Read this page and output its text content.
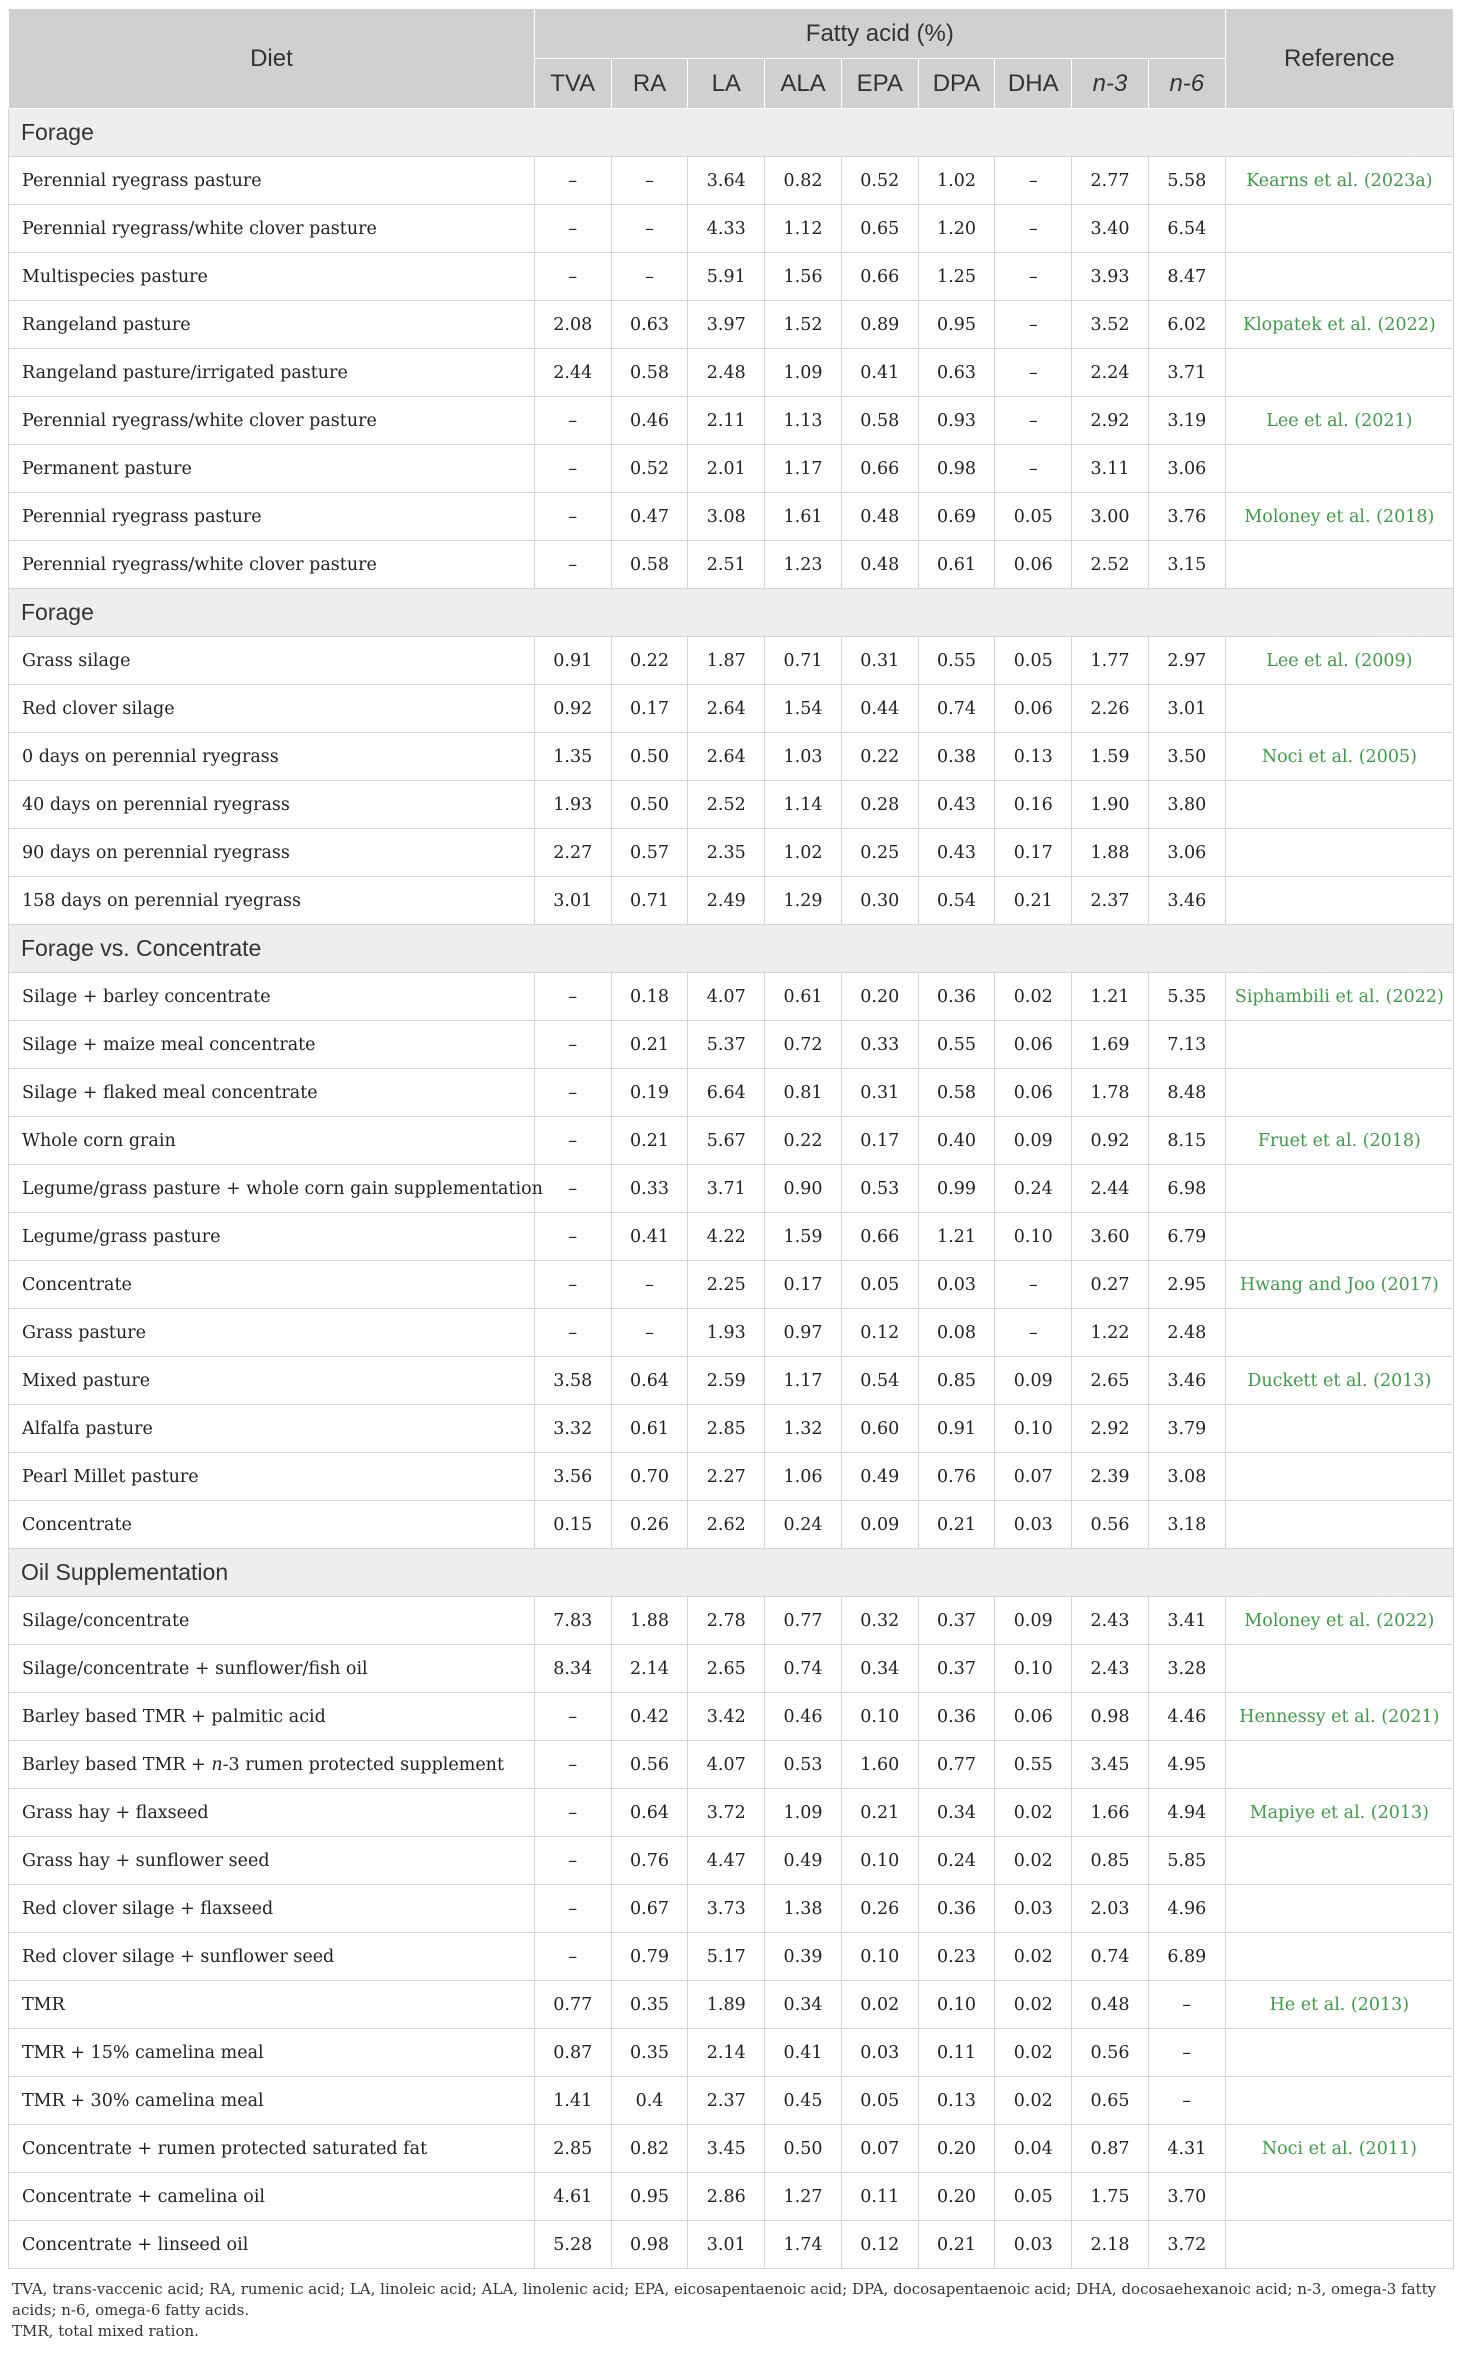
Diet	Fatty acid (%)									Reference
	TVA	RA	LA	ALA	EPA	DPA	DHA	n-3	n-6	
Forage										
Perennial ryegrass pasture	–	–	3.64	0.82	0.52	1.02	–	2.77	5.58	Kearns et al. (2023a)
Perennial ryegrass/white clover pasture	–	–	4.33	1.12	0.65	1.20	–	3.40	6.54	
Multispecies pasture	–	–	5.91	1.56	0.66	1.25	–	3.93	8.47	
Rangeland pasture	2.08	0.63	3.97	1.52	0.89	0.95	–	3.52	6.02	Klopatek et al. (2022)
Rangeland pasture/irrigated pasture	2.44	0.58	2.48	1.09	0.41	0.63	–	2.24	3.71	
Perennial ryegrass/white clover pasture	–	0.46	2.11	1.13	0.58	0.93	–	2.92	3.19	Lee et al. (2021)
Permanent pasture	–	0.52	2.01	1.17	0.66	0.98	–	3.11	3.06	
Perennial ryegrass pasture	–	0.47	3.08	1.61	0.48	0.69	0.05	3.00	3.76	Moloney et al. (2018)
Perennial ryegrass/white clover pasture	–	0.58	2.51	1.23	0.48	0.61	0.06	2.52	3.15	
Forage										
Grass silage	0.91	0.22	1.87	0.71	0.31	0.55	0.05	1.77	2.97	Lee et al. (2009)
Red clover silage	0.92	0.17	2.64	1.54	0.44	0.74	0.06	2.26	3.01	
0 days on perennial ryegrass	1.35	0.50	2.64	1.03	0.22	0.38	0.13	1.59	3.50	Noci et al. (2005)
40 days on perennial ryegrass	1.93	0.50	2.52	1.14	0.28	0.43	0.16	1.90	3.80	
90 days on perennial ryegrass	2.27	0.57	2.35	1.02	0.25	0.43	0.17	1.88	3.06	
158 days on perennial ryegrass	3.01	0.71	2.49	1.29	0.30	0.54	0.21	2.37	3.46	
Forage vs. Concentrate										
Silage + barley concentrate	–	0.18	4.07	0.61	0.20	0.36	0.02	1.21	5.35	Siphambili et al. (2022)
Silage + maize meal concentrate	–	0.21	5.37	0.72	0.33	0.55	0.06	1.69	7.13	
Silage + flaked meal concentrate	–	0.19	6.64	0.81	0.31	0.58	0.06	1.78	8.48	
Whole corn grain	–	0.21	5.67	0.22	0.17	0.40	0.09	0.92	8.15	Fruet et al. (2018)
Legume/grass pasture + whole corn gain supplementation	–	0.33	3.71	0.90	0.53	0.99	0.24	2.44	6.98	
Legume/grass pasture	–	0.41	4.22	1.59	0.66	1.21	0.10	3.60	6.79	
Concentrate	–	–	2.25	0.17	0.05	0.03	–	0.27	2.95	Hwang and Joo (2017)
Grass pasture	–	–	1.93	0.97	0.12	0.08	–	1.22	2.48	
Mixed pasture	3.58	0.64	2.59	1.17	0.54	0.85	0.09	2.65	3.46	Duckett et al. (2013)
Alfalfa pasture	3.32	0.61	2.85	1.32	0.60	0.91	0.10	2.92	3.79	
Pearl Millet pasture	3.56	0.70	2.27	1.06	0.49	0.76	0.07	2.39	3.08	
Concentrate	0.15	0.26	2.62	0.24	0.09	0.21	0.03	0.56	3.18	
Oil Supplementation										
Silage/concentrate	7.83	1.88	2.78	0.77	0.32	0.37	0.09	2.43	3.41	Moloney et al. (2022)
Silage/concentrate + sunflower/fish oil	8.34	2.14	2.65	0.74	0.34	0.37	0.10	2.43	3.28	
Barley based TMR + palmitic acid	–	0.42	3.42	0.46	0.10	0.36	0.06	0.98	4.46	Hennessy et al. (2021)
Barley based TMR + n-3 rumen protected supplement	–	0.56	4.07	0.53	1.60	0.77	0.55	3.45	4.95	
Grass hay + flaxseed	–	0.64	3.72	1.09	0.21	0.34	0.02	1.66	4.94	Mapiye et al. (2013)
Grass hay + sunflower seed	–	0.76	4.47	0.49	0.10	0.24	0.02	0.85	5.85	
Red clover silage + flaxseed	–	0.67	3.73	1.38	0.26	0.36	0.03	2.03	4.96	
Red clover silage + sunflower seed	–	0.79	5.17	0.39	0.10	0.23	0.02	0.74	6.89	
TMR	0.77	0.35	1.89	0.34	0.02	0.10	0.02	0.48	–	He et al. (2013)
TMR + 15% camelina meal	0.87	0.35	2.14	0.41	0.03	0.11	0.02	0.56	–	
TMR + 30% camelina meal	1.41	0.4	2.37	0.45	0.05	0.13	0.02	0.65	–	
Concentrate + rumen protected saturated fat	2.85	0.82	3.45	0.50	0.07	0.20	0.04	0.87	4.31	Noci et al. (2011)
Concentrate + camelina oil	4.61	0.95	2.86	1.27	0.11	0.20	0.05	1.75	3.70	
Concentrate + linseed oil	5.28	0.98	3.01	1.74	0.12	0.21	0.03	2.18	3.72	
TVA, trans-vaccenic acid; RA, rumenic acid; LA, linoleic acid; ALA, linolenic acid; EPA, eicosapentaenoic acid; DPA, docosapentaenoic acid; DHA, docosaehexanoic acid; n-3, omega-3 fatty acids; n-6, omega-6 fatty acids.
TMR, total mixed ration.
